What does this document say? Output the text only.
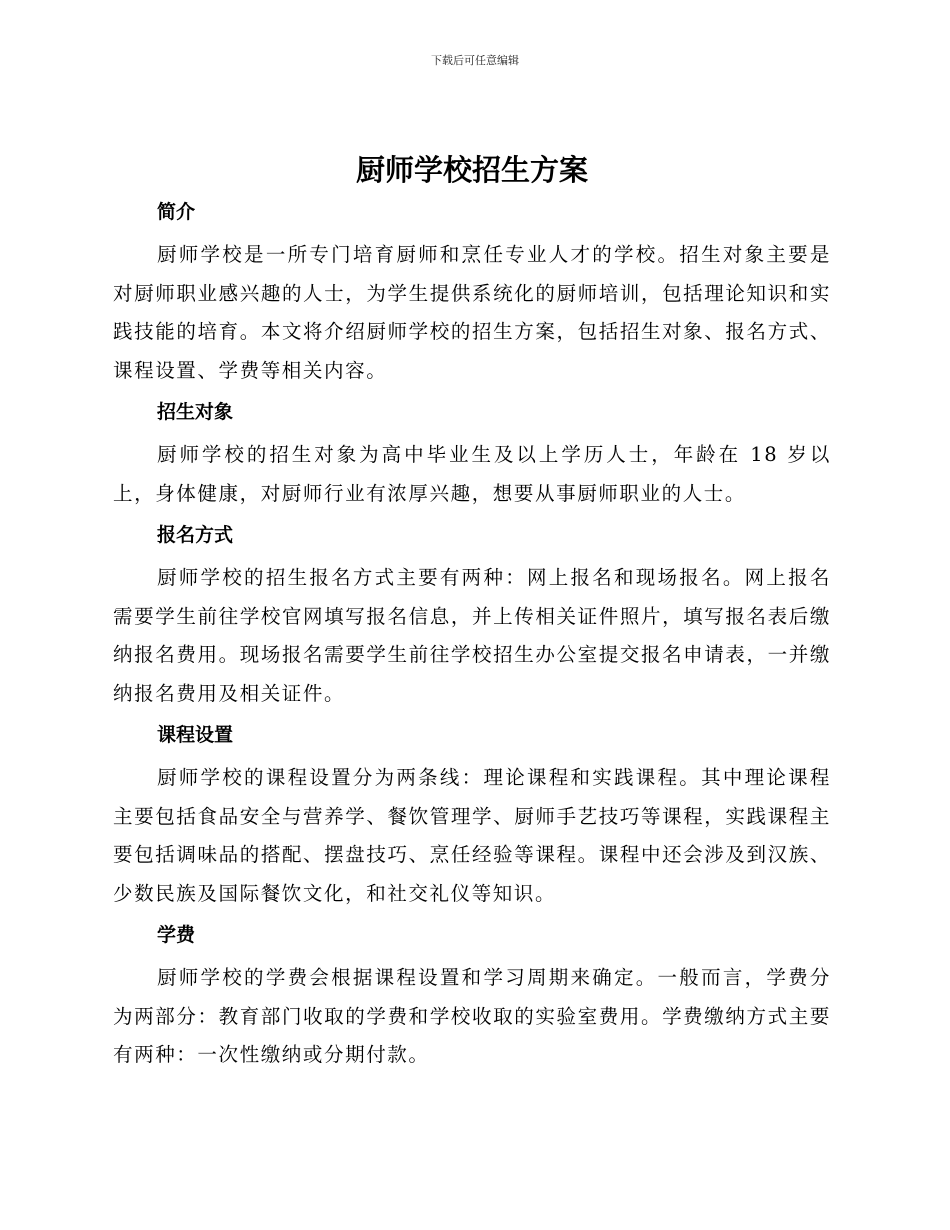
下载后可任意编辑
厨师学校招生方案
简介

厨师学校是一所专门培育厨师和烹任专业人才的学校。招生对象主要是对厨师职业感兴趣的人士，为学生提供系统化的厨师培训，包括理论知识和实践技能的培育。本文将介绍厨师学校的招生方案，包括招生对象、报名方式、课程设置、学费等相关内容。

招生对象

厨师学校的招生对象为高中毕业生及以上学历人士，年龄在 18 岁以上，身体健康，对厨师行业有浓厚兴趣，想要从事厨师职业的人士。

报名方式

厨师学校的招生报名方式主要有两种：网上报名和现场报名。网上报名需要学生前往学校官网填写报名信息，并上传相关证件照片，填写报名表后缴纳报名费用。现场报名需要学生前往学校招生办公室提交报名申请表，一并缴纳报名费用及相关证件。

课程设置

厨师学校的课程设置分为两条线：理论课程和实践课程。其中理论课程主要包括食品安全与营养学、餐饮管理学、厨师手艺技巧等课程，实践课程主要包括调味品的搭配、摆盘技巧、烹任经验等课程。课程中还会涉及到汉族、少数民族及国际餐饮文化，和社交礼仪等知识。

学费

厨师学校的学费会根据课程设置和学习周期来确定。一般而言，学费分为两部分：教育部门收取的学费和学校收取的实验室费用。学费缴纳方式主要有两种：一次性缴纳或分期付款。
